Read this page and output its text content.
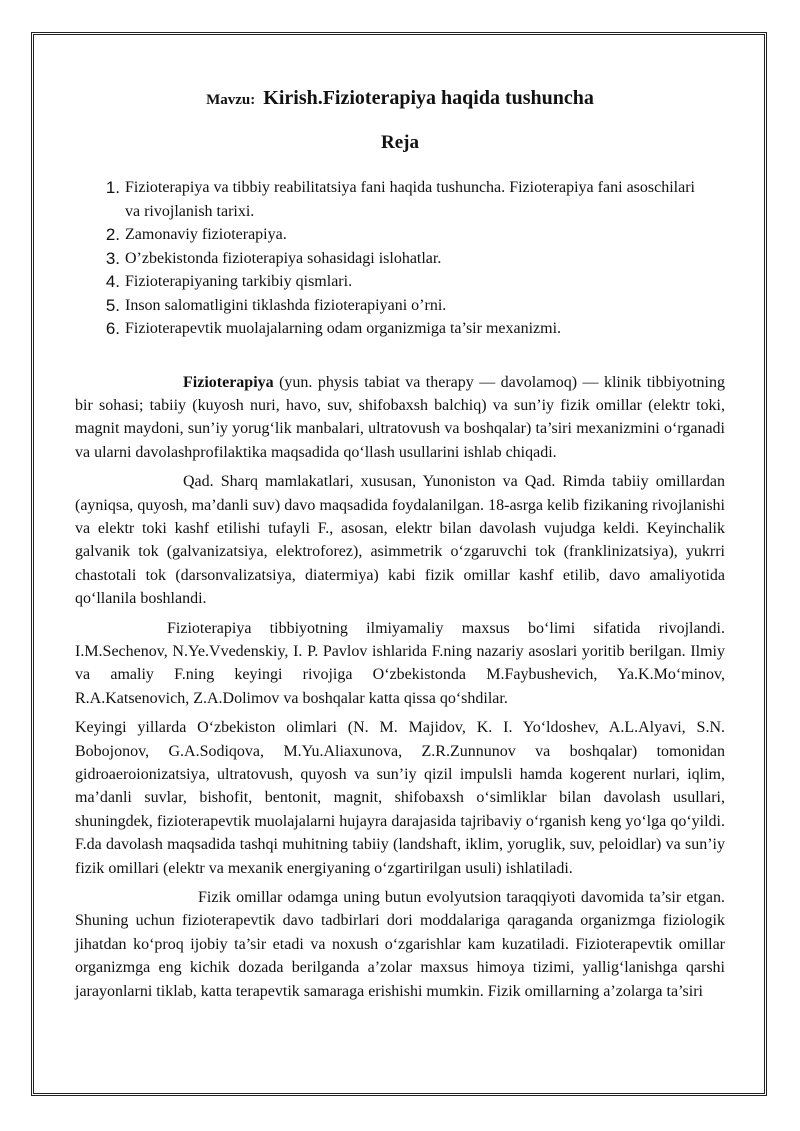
Mavzu: Kirish.Fizioterapiya haqida tushuncha
Reja
1. Fizioterapiya va tibbiy reabilitatsiya fani haqida tushuncha. Fizioterapiya fani asoschilari va rivojlanish tarixi.
2. Zamonaviy fizioterapiya.
3. O’zbekistonda fizioterapiya sohasidagi islohatlar.
4. Fizioterapiyaning tarkibiy qismlari.
5. Inson salomatligini tiklashda fizioterapiyani o’rni.
6. Fizioterapevtik muolajalarning odam organizmiga ta’sir mexanizmi.

Fizioterapiya (yun. physis tabiat va therapy — davolamoq) — klinik tibbiyotning bir sohasi; tabiiy (kuyosh nuri, havo, suv, shifobaxsh balchiq) va sun’iy fizik omillar (elektr toki, magnit maydoni, sun’iy yorug‘lik manbalari, ultratovush va boshqalar) ta’siri mexanizmini o‘rganadi va ularni davolashprofilaktika maqsadida qo‘llash usullarini ishlab chiqadi.

Qad. Sharq mamlakatlari, xususan, Yunoniston va Qad. Rimda tabiiy omillardan (ayniqsa, quyosh, ma’danli suv) davo maqsadida foydalanilgan. 18-asrga kelib fizikaning rivojlanishi va elektr toki kashf etilishi tufayli F., asosan, elektr bilan davolash vujudga keldi. Keyinchalik galvanik tok (galvanizatsiya, elektroforez), asimmetrik o‘zgaruvchi tok (franklinizatsiya), yukrri chastotali tok (darsonvalizatsiya, diatermiya) kabi fizik omillar kashf etilib, davo amaliyotida qo‘llanila boshlandi.

Fizioterapiya tibbiyotning ilmiyamaliy maxsus bo‘limi sifatida rivojlandi. I.M.Sechenov, N.Ye.Vvedenskiy, I. P. Pavlov ishlarida F.ning nazariy asoslari yoritib berilgan. Ilmiy va amaliy F.ning keyingi rivojiga O‘zbekistonda M.Faybushevich, Ya.K.Mo‘minov, R.A.Katsenovich, Z.A.Dolimov va boshqalar katta qissa qo‘shdilar.

Keyingi yillarda O‘zbekiston olimlari (N. M. Majidov, K. I. Yo‘ldoshev, A.L.Alyavi, S.N. Bobojonov, G.A.Sodiqova, M.Yu.Aliaxunova, Z.R.Zunnunov va boshqalar) tomonidan gidroaeroionizatsiya, ultratovush, quyosh va sun’iy qizil impulsli hamda kogerent nurlari, iqlim, ma’danli suvlar, bishofit, bentonit, magnit, shifobaxsh o‘simliklar bilan davolash usullari, shuningdek, fizioterapevtik muolajalarni hujayra darajasida tajribaviy o‘rganish keng yo‘lga qo‘yildi. F.da davolash maqsadida tashqi muhitning tabiiy (landshaft, iklim, yoruglik, suv, peloidlar) va sun’iy fizik omillari (elektr va mexanik energiyaning o‘zgartirilgan usuli) ishlatiladi.

Fizik omillar odamga uning butun evolyutsion taraqqiyoti davomida ta’sir etgan. Shuning uchun fizioterapevtik davo tadbirlari dori moddalariga qaraganda organizmga fiziologik jihatdan ko‘proq ijobiy ta’sir etadi va noxush o‘zgarishlar kam kuzatiladi. Fizioterapevtik omillar organizmga eng kichik dozada berilganda a’zolar maxsus himoya tizimi, yallig‘lanishga qarshi jarayonlarni tiklab, katta terapevtik samaraga erishishi mumkin. Fizik omillarning a’zolarga ta’siri
